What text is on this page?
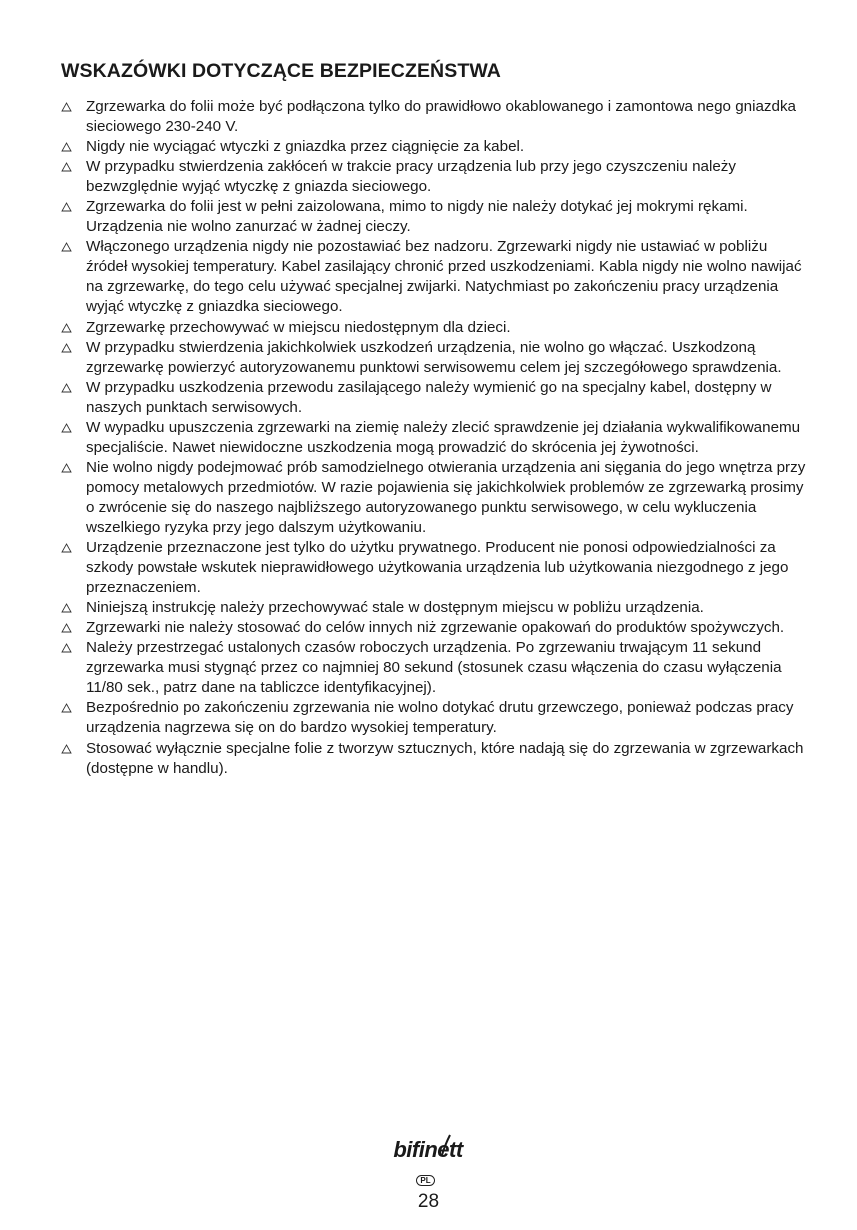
WSKAZÓWKI DOTYCZĄCE BEZPIECZEŃSTWA
Zgrzewarka do folii może być podłączona tylko do prawidłowo okablowanego i zamontowa nego gniazdka sieciowego 230-240 V.
Nigdy nie wyciągać wtyczki z gniazdka przez ciągnięcie za kabel.
W przypadku stwierdzenia zakłóceń w trakcie pracy urządzenia lub przy jego czyszczeniu należy bezwzględnie wyjąć wtyczkę z gniazda sieciowego.
Zgrzewarka do folii jest w pełni zaizolowana, mimo to nigdy nie należy dotykać jej mokrymi rękami. Urządzenia nie wolno zanurzać w żadnej cieczy.
Włączonego urządzenia nigdy nie pozostawiać bez nadzoru. Zgrzewarki nigdy nie ustawiać w pobliżu źródeł wysokiej temperatury. Kabel zasilający chronić przed uszkodzeniami. Kabla nigdy nie wolno nawijać na zgrzewarkę, do tego celu używać specjalnej zwijarki. Natychmiast po zakończeniu pracy urządzenia wyjąć wtyczkę z gniazdka sieciowego.
Zgrzewarkę przechowywać w miejscu niedostępnym dla dzieci.
W przypadku stwierdzenia jakichkolwiek uszkodzeń urządzenia, nie wolno go włączać. Uszkodzoną zgrzewarkę powierzyć autoryzowanemu punktowi serwisowemu celem jej szczegółowego sprawdzenia.
W przypadku uszkodzenia przewodu zasilającego należy wymienić go na specjalny kabel, dostępny w naszych punktach serwisowych.
W wypadku upuszczenia zgrzewarki na ziemię należy zlecić sprawdzenie jej działania wykwalifikowanemu specjaliście. Nawet niewidoczne uszkodzenia mogą prowadzić do skrócenia jej żywotności.
Nie wolno nigdy podejmować prób samodzielnego otwierania urządzenia ani sięgania do jego wnętrza przy pomocy metalowych przedmiotów. W razie pojawienia się jakichkolwiek problemów ze zgrzewarką prosimy o zwrócenie się do naszego najbliższego autoryzowanego punktu serwisowego, w celu wykluczenia wszelkiego ryzyka przy jego dalszym użytkowaniu.
Urządzenie przeznaczone jest tylko do użytku prywatnego. Producent nie ponosi odpowiedzialności za szkody powstałe wskutek nieprawidłowego użytkowania urządzenia lub użytkowania niezgodnego z jego przeznaczeniem.
Niniejszą instrukcję należy przechowywać stale w dostępnym miejscu w pobliżu urządzenia.
Zgrzewarki nie należy stosować do celów innych niż zgrzewanie opakowań do produktów spożywczych.
Należy przestrzegać ustalonych czasów roboczych urządzenia. Po zgrzewaniu trwającym 11 sekund zgrzewarka musi stygnąć przez co najmniej 80 sekund (stosunek czasu włączenia do czasu wyłączenia 11/80 sek., patrz dane na tabliczce identyfikacyjnej).
Bezpośrednio po zakończeniu zgrzewania nie wolno dotykać drutu grzewczego, ponieważ podczas pracy urządzenia nagrzewa się on do bardzo wysokiej temperatury.
Stosować wyłącznie specjalne folie z tworzyw sztucznych, które nadają się do zgrzewania w zgrzewarkach (dostępne w handlu).
bifinett
PL
28
